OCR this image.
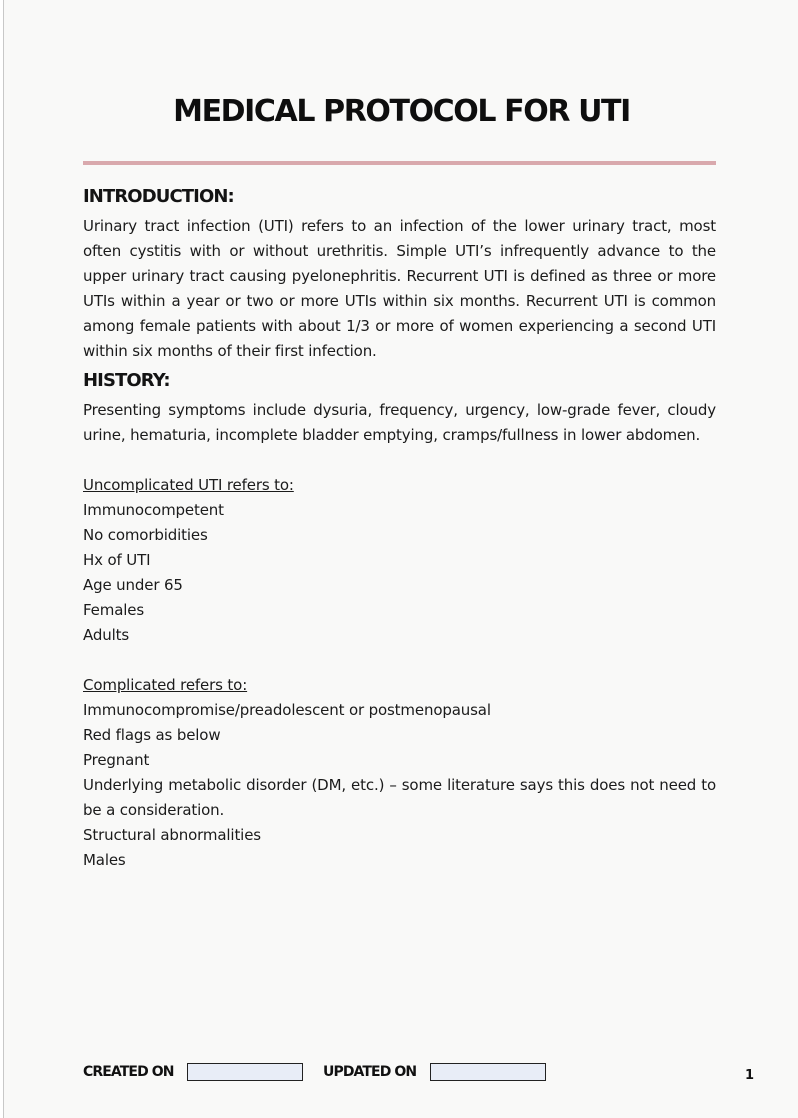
MEDICAL PROTOCOL FOR UTI
INTRODUCTION:

Urinary tract infection (UTI) refers to an infection of the lower urinary tract, most often cystitis with or without urethritis. Simple UTI’s infrequently advance to the upper urinary tract causing pyelonephritis. Recurrent UTI is defined as three or more UTIs within a year or two or more UTIs within six months. Recurrent UTI is common among female patients with about 1/3 or more of women experiencing a second UTI within six months of their first infection.

HISTORY:

Presenting symptoms include dysuria, frequency, urgency, low-grade fever, cloudy urine, hematuria, incomplete bladder emptying, cramps/fullness in lower abdomen.

Uncomplicated UTI refers to:

Immunocompetent
No comorbidities
Hx of UTI
Age under 65
Females
Adults

Complicated refers to:

Immunocompromise/preadolescent or postmenopausal
Red flags as below
Pregnant
Underlying metabolic disorder (DM, etc.) – some literature says this does not need to be a consideration.
Structural abnormalities
Males
CREATED ON	UPDATED ON	1
